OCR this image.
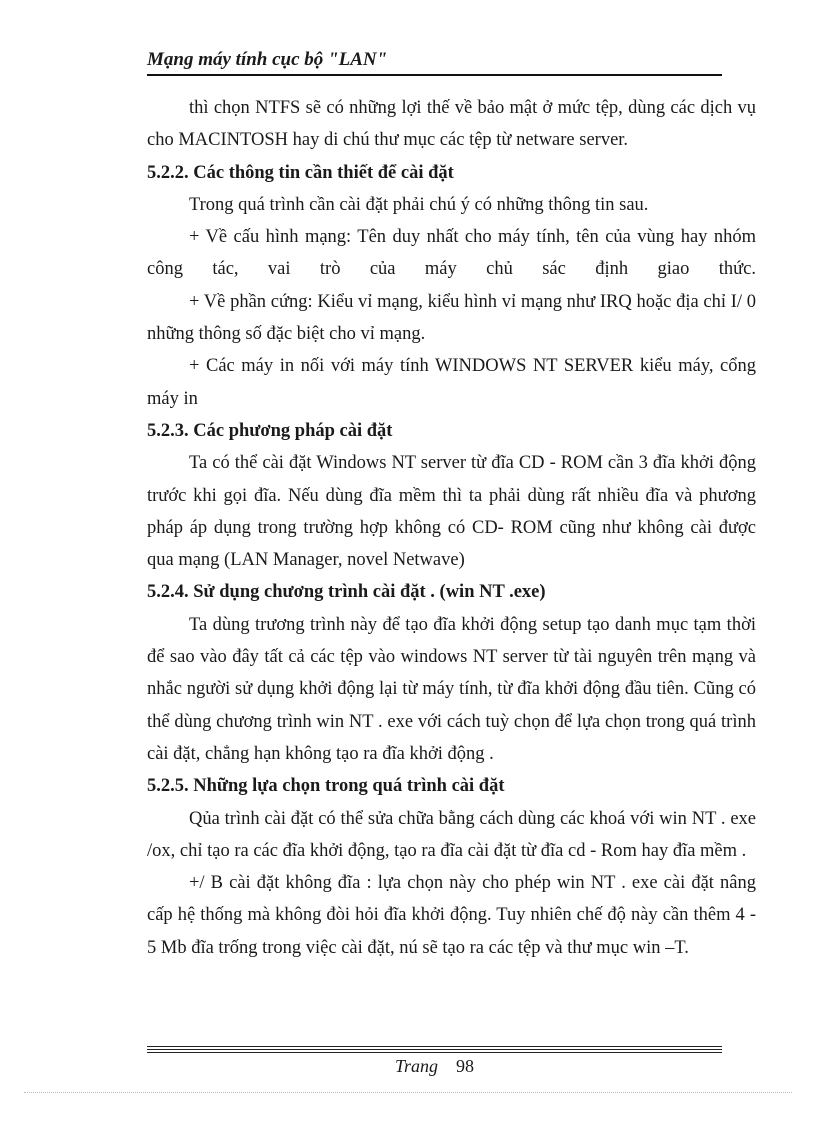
Mạng máy tính cục bộ "LAN"

thì chọn NTFS sẽ có những lợi thế về bảo mật ở mức tệp, dùng các dịch vụ cho MACINTOSH hay di chú thư mục các tệp từ netware server.

5.2.2. Các thông tin cần thiết để cài đặt

Trong quá trình cần cài đặt phải chú ý có những thông tin sau.

+ Về cấu hình mạng: Tên duy nhất cho máy tính, tên của vùng hay nhóm công tác, vai trò của máy chủ sác định giao thức.

+ Về phần cứng: Kiểu vỉ mạng, kiểu hình vỉ mạng như IRQ hoặc địa chỉ I/ 0 những thông số đặc biệt cho vỉ mạng.

+ Các máy in nối với máy tính WINDOWS NT SERVER kiểu máy, cổng máy in

5.2.3. Các phương pháp cài đặt

Ta có thể cài đặt Windows NT server từ đĩa CD - ROM cần 3 đĩa khởi động trước khi gọi đĩa. Nếu dùng đĩa mềm thì ta phải dùng rất nhiều đĩa và phương pháp áp dụng trong trường hợp không có CD- ROM cũng như không cài được qua mạng (LAN Manager, novel Netwave)

5.2.4. Sử dụng chương trình cài đặt . (win NT .exe)

Ta dùng trương trình này để tạo đĩa khởi động setup tạo danh mục tạm thời để sao vào đây tất cả các tệp vào windows NT server từ tài nguyên trên mạng và nhắc người sử dụng khởi động lại từ máy tính, từ đĩa khởi động đầu tiên. Cũng có thể dùng chương trình win NT . exe với cách tuỳ chọn để lựa chọn trong quá trình cài đặt, chẳng hạn không tạo ra đĩa khởi động .

5.2.5. Những lựa chọn trong quá trình cài đặt

Qủa trình cài đặt có thể sửa chữa bằng cách dùng các khoá với win NT . exe /ox, chỉ tạo ra các đĩa khởi động, tạo ra đĩa cài đặt từ đĩa cd - Rom hay đĩa mềm .

+/ B cài đặt không đĩa : lựa chọn này cho phép win NT . exe cài đặt nâng cấp hệ thống mà không đòi hỏi đĩa khởi động. Tuy nhiên chế độ này cần thêm 4 - 5 Mb đĩa trống trong việc cài đặt, nú sẽ tạo ra các tệp và thư mục win –T.

Trang 98
